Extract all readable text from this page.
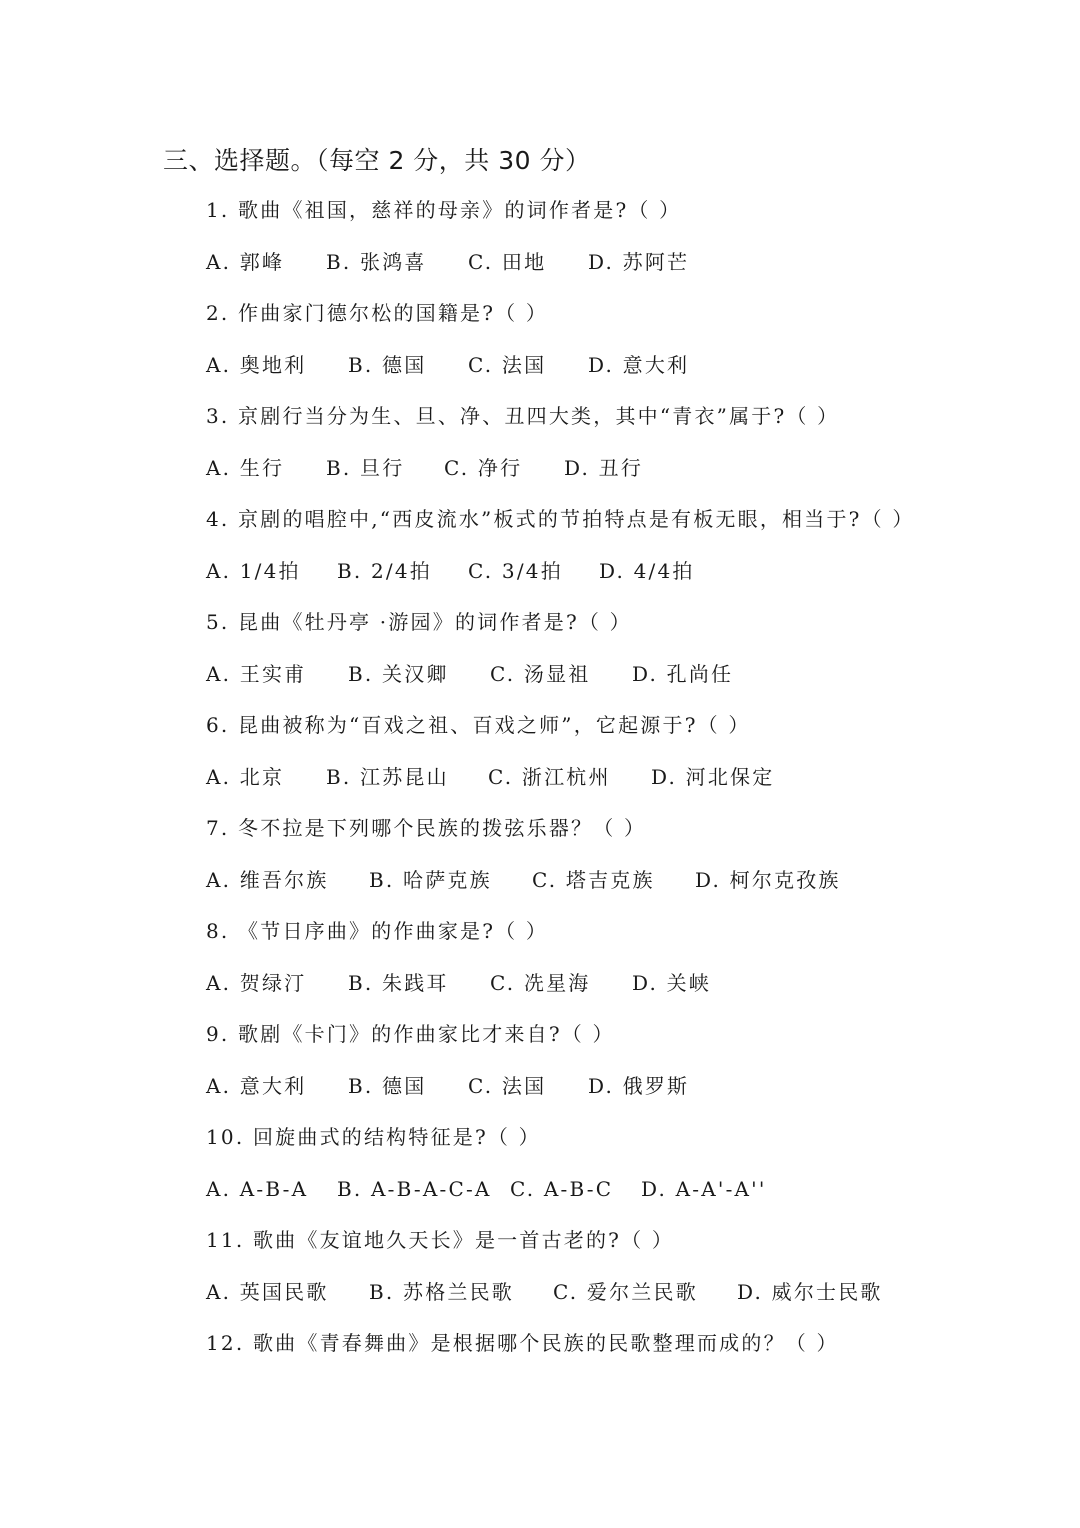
三、选择题。（每空 2 分，共 30 分）
1. 歌曲《祖国，慈祥的母亲》的词作者是?（ ）
A. 郭峰 B. 张鸿喜 C. 田地 D. 苏阿芒
2. 作曲家门德尔松的国籍是?（ ）
A. 奥地利 B. 德国 C. 法国 D. 意大利
3. 京剧行当分为生、旦、净、丑四大类，其中“青衣”属于?（ ）
A. 生行 B. 旦行 C. 净行 D. 丑行
4. 京剧的唱腔中,“西皮流水”板式的节拍特点是有板无眼，相当于?（ ）
A. 1/4拍 B. 2/4拍 C. 3/4拍 D. 4/4拍
5. 昆曲《牡丹亭 ·游园》的词作者是?（ ）
A. 王实甫 B. 关汉卿 C. 汤显祖 D. 孔尚任
6. 昆曲被称为“百戏之祖、百戏之师”，它起源于?（ ）
A. 北京 B. 江苏昆山 C. 浙江杭州 D. 河北保定
7. 冬不拉是下列哪个民族的拨弦乐器？（ ）
A. 维吾尔族 B. 哈萨克族 C. 塔吉克族 D. 柯尔克孜族
8. 《节日序曲》的作曲家是?（ ）
A. 贺绿汀 B. 朱践耳 C. 冼星海 D. 关峡
9. 歌剧《卡门》的作曲家比才来自?（ ）
A. 意大利 B. 德国 C. 法国 D. 俄罗斯
10. 回旋曲式的结构特征是?（ ）
A. A-B-A B. A-B-A-C-A C. A-B-C D. A-A'-A''
11. 歌曲《友谊地久天长》是一首古老的?（ ）
A. 英国民歌 B. 苏格兰民歌 C. 爱尔兰民歌 D. 威尔士民歌
12. 歌曲《青春舞曲》是根据哪个民族的民歌整理而成的？（ ）
